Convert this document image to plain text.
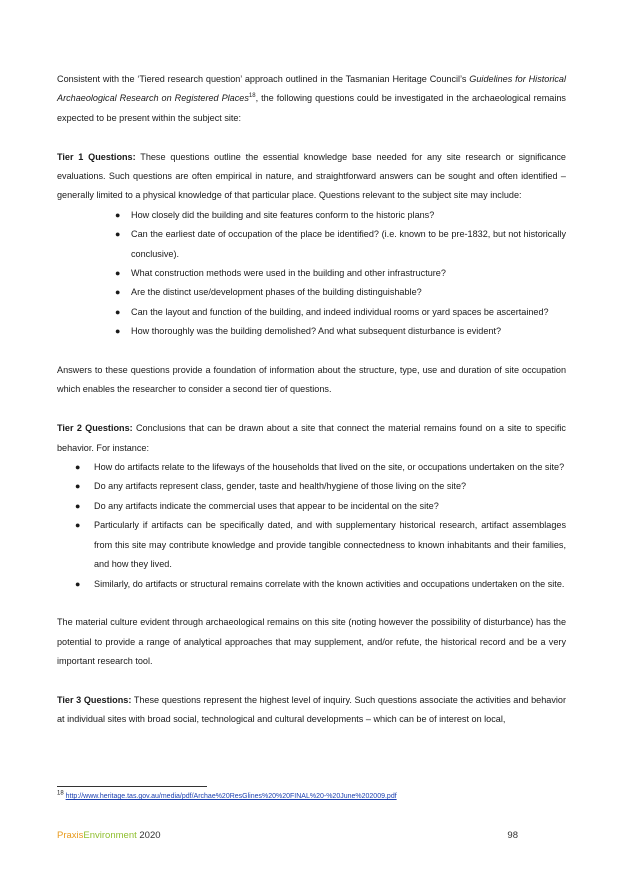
Consistent with the ‘Tiered research question’ approach outlined in the Tasmanian Heritage Council’s Guidelines for Historical Archaeological Research on Registered Places$^{18}$, the following questions could be investigated in the archaeological remains expected to be present within the subject site:

Tier 1 Questions: These questions outline the essential knowledge base needed for any site research or significance evaluations. Such questions are often empirical in nature, and straightforward answers can be sought and often identified – generally limited to a physical knowledge of that particular place. Questions relevant to the subject site may include:

● How closely did the building and site features conform to the historic plans?
● Can the earliest date of occupation of the place be identified? (i.e. known to be pre-1832, but not historically conclusive).
● What construction methods were used in the building and other infrastructure?
● Are the distinct use/development phases of the building distinguishable?
● Can the layout and function of the building, and indeed individual rooms or yard spaces be ascertained?
● How thoroughly was the building demolished? And what subsequent disturbance is evident?

Answers to these questions provide a foundation of information about the structure, type, use and duration of site occupation which enables the researcher to consider a second tier of questions.

Tier 2 Questions: Conclusions that can be drawn about a site that connect the material remains found on a site to specific behavior. For instance:

● How do artifacts relate to the lifeways of the households that lived on the site, or occupations undertaken on the site?
● Do any artifacts represent class, gender, taste and health/hygiene of those living on the site?
● Do any artifacts indicate the commercial uses that appear to be incidental on the site?
● Particularly if artifacts can be specifically dated, and with supplementary historical research, artifact assemblages from this site may contribute knowledge and provide tangible connectedness to known inhabitants and their families, and how they lived.
● Similarly, do artifacts or structural remains correlate with the known activities and occupations undertaken on the site.

The material culture evident through archaeological remains on this site (noting however the possibility of disturbance) has the potential to provide a range of analytical approaches that may supplement, and/or refute, the historical record and be a very important research tool.

Tier 3 Questions: These questions represent the highest level of inquiry. Such questions associate the activities and behavior at individual sites with broad social, technological and cultural developments – which can be of interest on local,

18 http://www.heritage.tas.gov.au/media/pdf/Archae%20ResGlines%20%20FINAL%20-%20June%202009.pdf
PraxisEnvironment 2020	98
